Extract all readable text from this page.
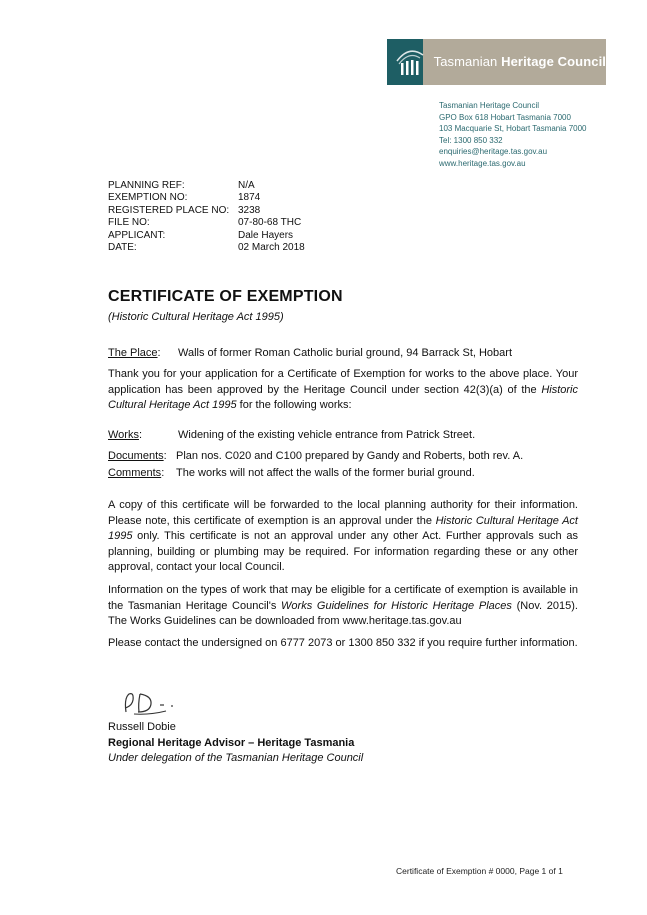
Tasmanian Heritage Council
Tasmanian Heritage Council
GPO Box 618 Hobart Tasmania 7000
103 Macquarie St, Hobart Tasmania 7000
Tel: 1300 850 332
enquiries@heritage.tas.gov.au
www.heritage.tas.gov.au
PLANNING REF:	N/A
EXEMPTION NO:	1874
REGISTERED PLACE NO: 3238
FILE NO:	07-80-68 THC
APPLICANT:	Dale Hayers
DATE:	02 March 2018
CERTIFICATE OF EXEMPTION
(Historic Cultural Heritage Act 1995)
The Place:	Walls of former Roman Catholic burial ground, 94 Barrack St, Hobart
Thank you for your application for a Certificate of Exemption for works to the above place. Your application has been approved by the Heritage Council under section 42(3)(a) of the Historic Cultural Heritage Act 1995 for the following works:
Works:	Widening of the existing vehicle entrance from Patrick Street.
Documents: Plan nos. C020 and C100 prepared by Gandy and Roberts, both rev. A.
Comments:	The works will not affect the walls of the former burial ground.
A copy of this certificate will be forwarded to the local planning authority for their information. Please note, this certificate of exemption is an approval under the Historic Cultural Heritage Act 1995 only. This certificate is not an approval under any other Act. Further approvals such as planning, building or plumbing may be required. For information regarding these or any other approval, contact your local Council.
Information on the types of work that may be eligible for a certificate of exemption is available in the Tasmanian Heritage Council's Works Guidelines for Historic Heritage Places (Nov. 2015). The Works Guidelines can be downloaded from www.heritage.tas.gov.au
Please contact the undersigned on 6777 2073 or 1300 850 332 if you require further information.
Russell Dobie
Regional Heritage Advisor – Heritage Tasmania
Under delegation of the Tasmanian Heritage Council
Certificate of Exemption # 0000, Page 1 of 1
